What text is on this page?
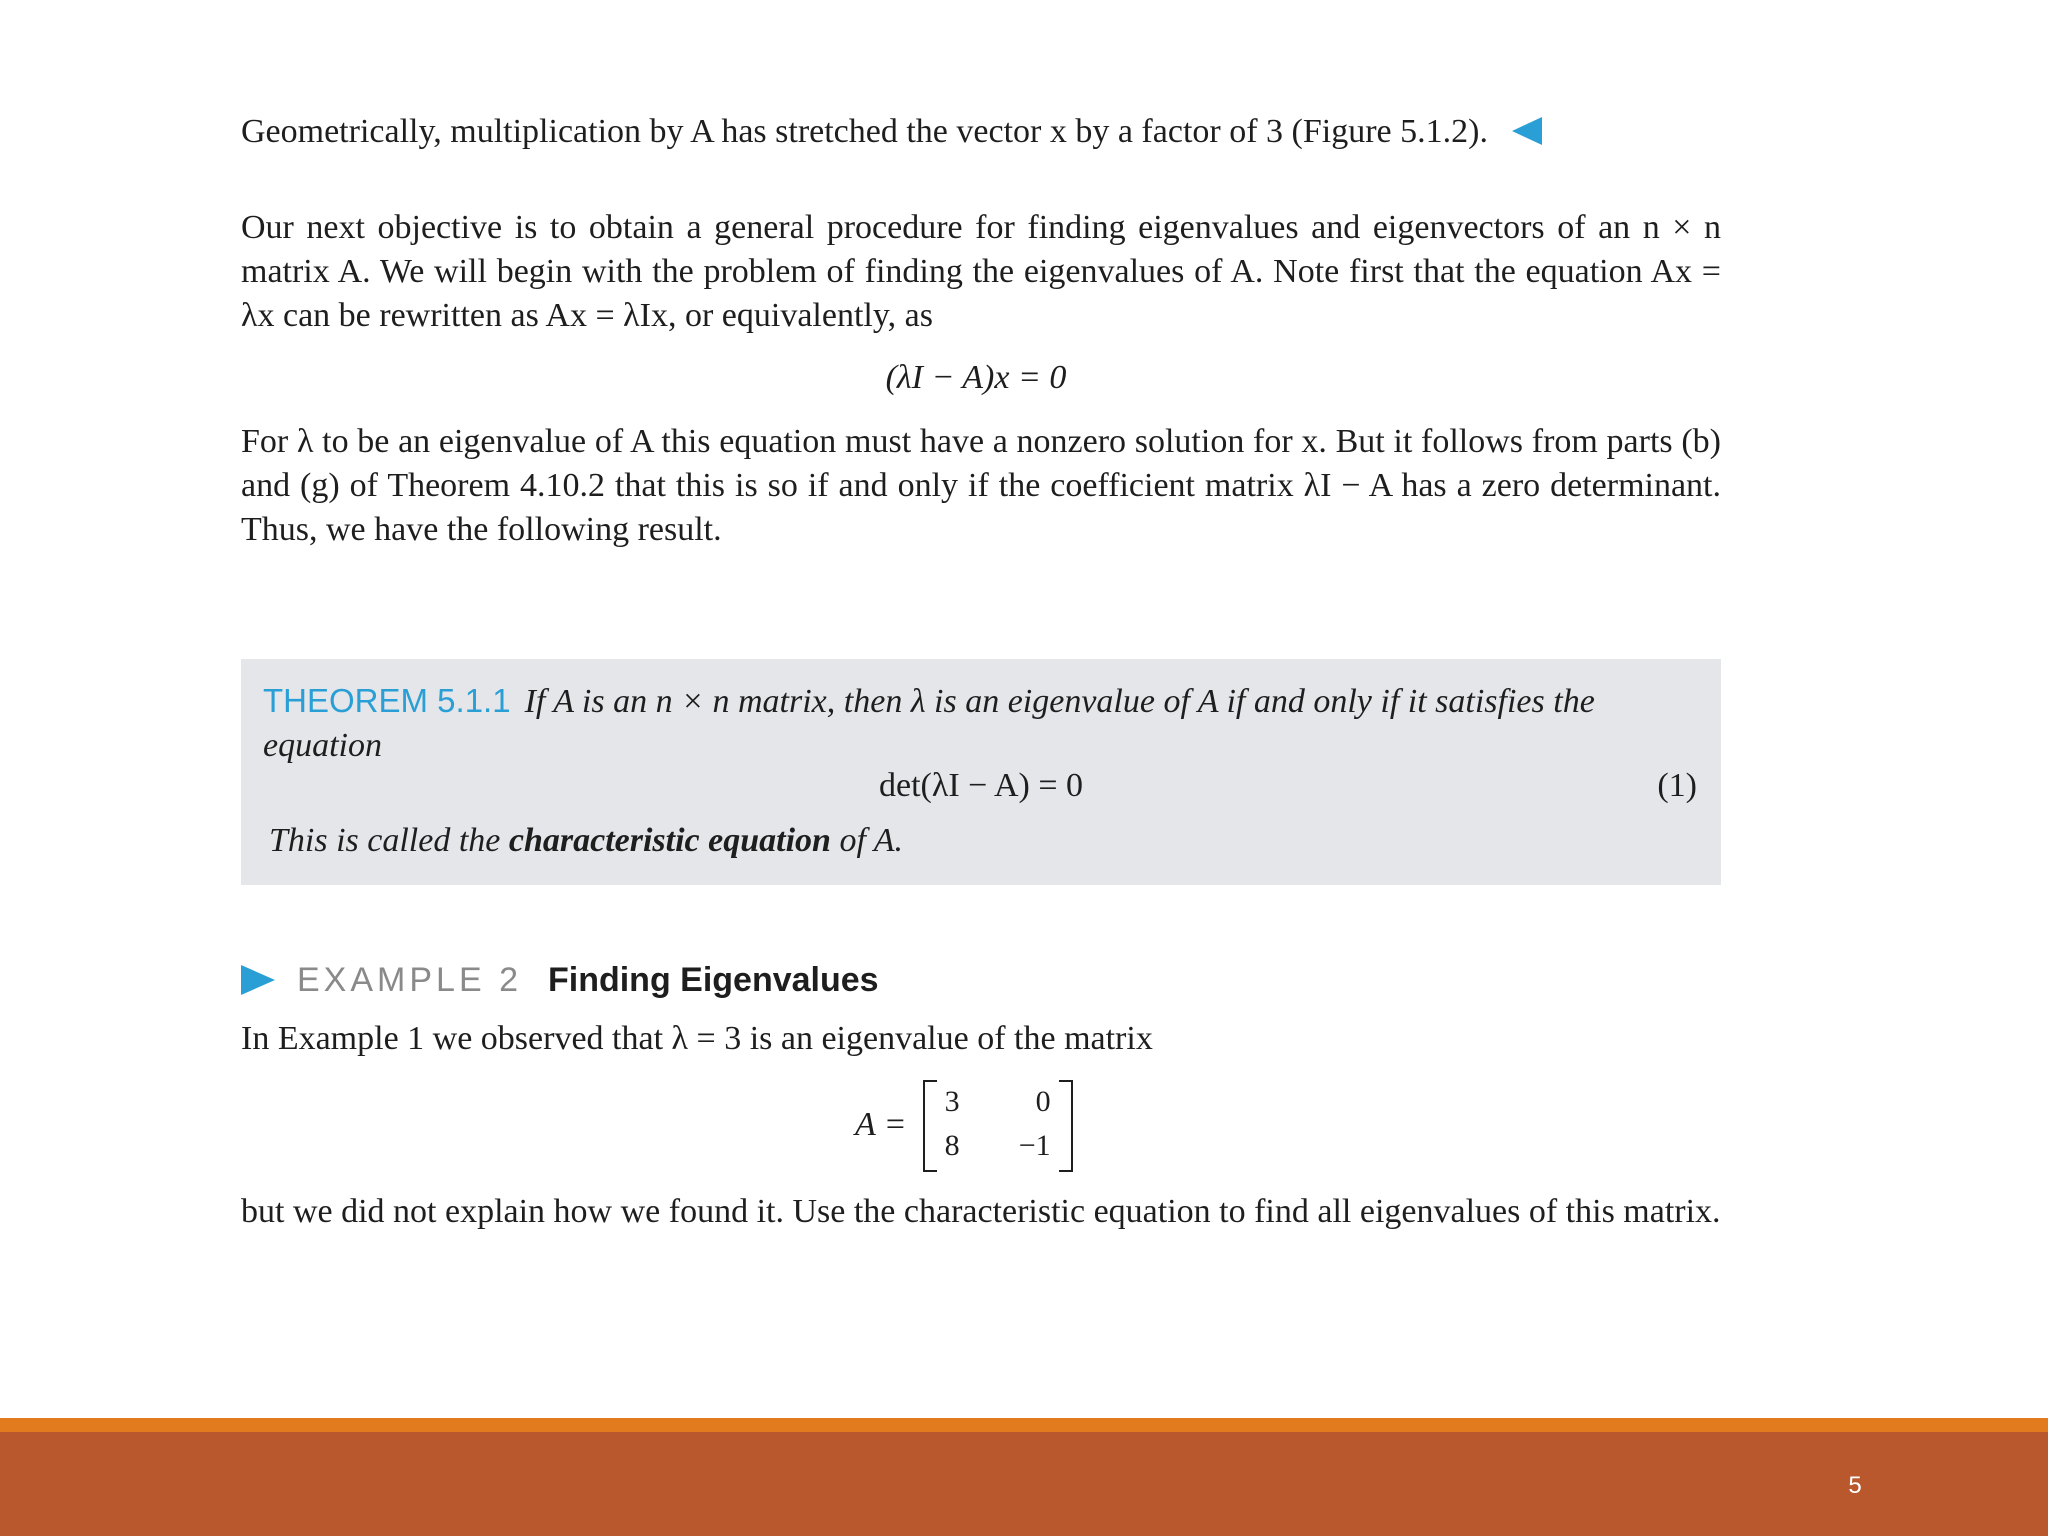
Geometrically, multiplication by A has stretched the vector x by a factor of 3 (Figure 5.1.2).

Our next objective is to obtain a general procedure for finding eigenvalues and eigenvectors of an n × n matrix A. We will begin with the problem of finding the eigenvalues of A. Note first that the equation Ax = λx can be rewritten as Ax = λIx, or equivalently, as

(λI − A)x = 0

For λ to be an eigenvalue of A this equation must have a nonzero solution for x. But it follows from parts (b) and (g) of Theorem 4.10.2 that this is so if and only if the coefficient matrix λI − A has a zero determinant. Thus, we have the following result.

THEOREM 5.1.1 If A is an n × n matrix, then λ is an eigenvalue of A if and only if it satisfies the equation
det(λI − A) = 0	(1)
This is called the characteristic equation of A.
EXAMPLE 2 Finding Eigenvalues
In Example 1 we observed that λ = 3 is an eigenvalue of the matrix
A =
3	0
8 −1
but we did not explain how we found it. Use the characteristic equation to find all eigenvalues of this matrix.
5
